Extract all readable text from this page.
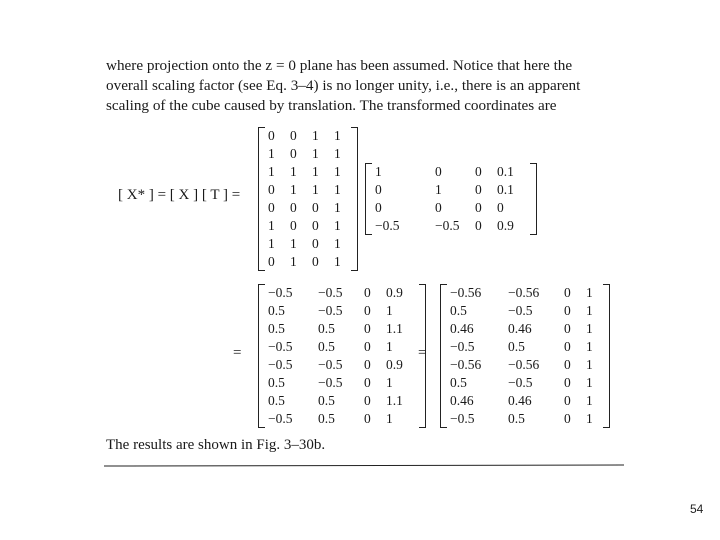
where projection onto the z = 0 plane has been assumed. Notice that here the
overall scaling factor (see Eq. 3–4) is no longer unity, i.e., there is an apparent
scaling of the cube caused by translation. The transformed coordinates are
[ X* ] = [ X ] [ T ] =
0	0	1	1
1	0	1	1
1	1	1	1
0	1	1	1
0	0	0	1
1	0	0	1
1	1	0	1
0	1	0	1
1	0	0	0.1
0	1	0	0.1
0	0	0	0
−0.5	−0.5	0	0.9
=
−0.5	−0.5	0	0.9
0.5	−0.5	0	1
0.5	0.5	0	1.1
−0.5	0.5	0	1
−0.5	−0.5	0	0.9
0.5	−0.5	0	1
0.5	0.5	0	1.1
−0.5	0.5	0	1
=
−0.56	−0.56	0	1
0.5	−0.5	0	1
0.46	0.46	0	1
−0.5	0.5	0	1
−0.56	−0.56	0	1
0.5	−0.5	0	1
0.46	0.46	0	1
−0.5	0.5	0	1
The results are shown in Fig. 3–30b.
54
